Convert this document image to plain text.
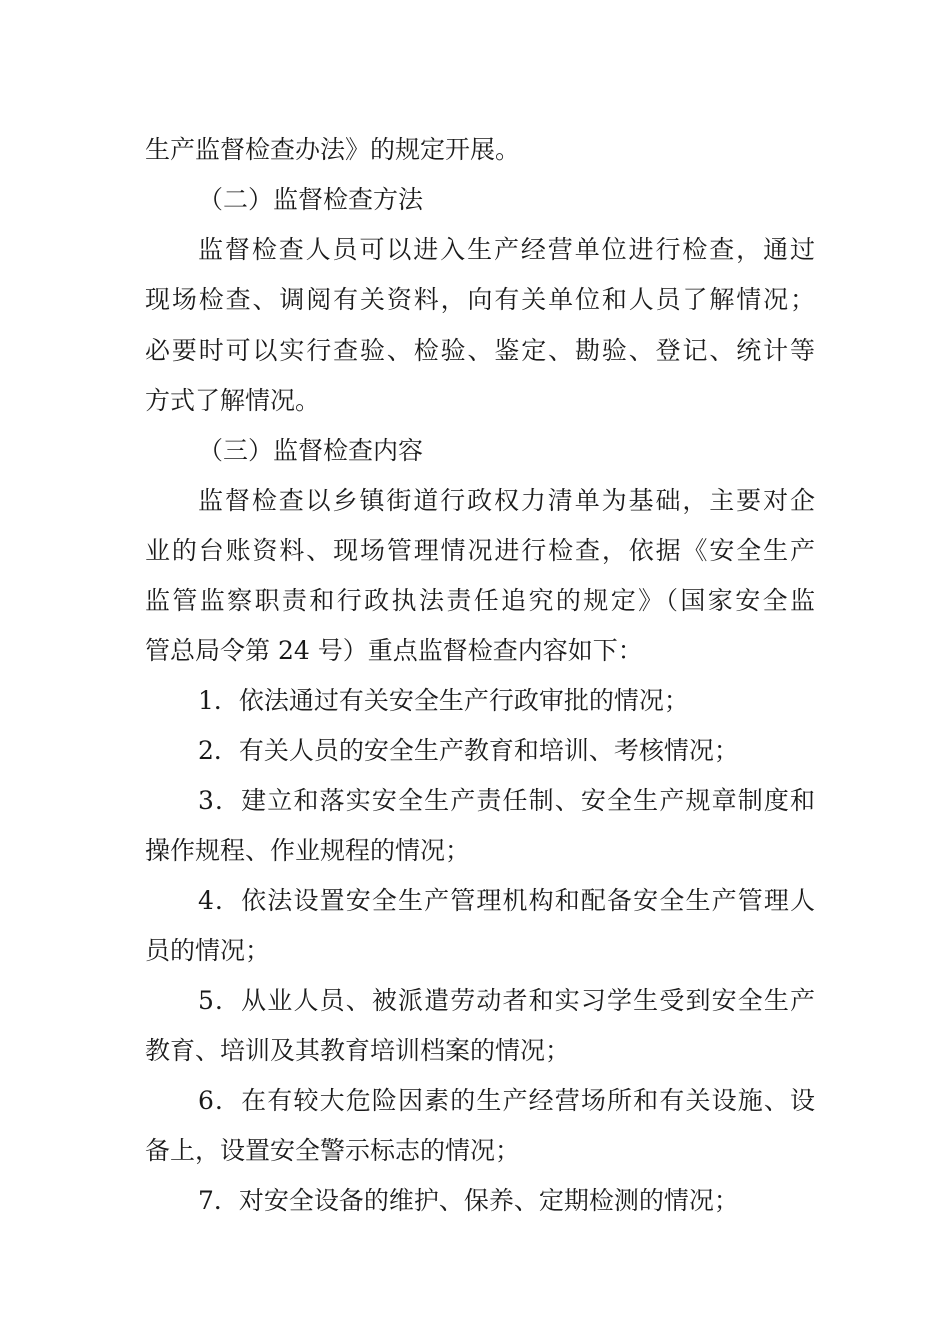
生产监督检查办法》的规定开展。
（二）监督检查方法
监督检查人员可以进入生产经营单位进行检查，通过
现场检查、调阅有关资料，向有关单位和人员了解情况；
必要时可以实行查验、检验、鉴定、勘验、登记、统计等
方式了解情况。
（三）监督检查内容
监督检查以乡镇街道行政权力清单为基础，主要对企
业的台账资料、现场管理情况进行检查，依据《安全生产
监管监察职责和行政执法责任追究的规定》（国家安全监
管总局令第 24 号）重点监督检查内容如下：
1．依法通过有关安全生产行政审批的情况；
2．有关人员的安全生产教育和培训、考核情况；
3．建立和落实安全生产责任制、安全生产规章制度和
操作规程、作业规程的情况；
4．依法设置安全生产管理机构和配备安全生产管理人
员的情况；
5．从业人员、被派遣劳动者和实习学生受到安全生产
教育、培训及其教育培训档案的情况；
6．在有较大危险因素的生产经营场所和有关设施、设
备上，设置安全警示标志的情况；
7．对安全设备的维护、保养、定期检测的情况；
